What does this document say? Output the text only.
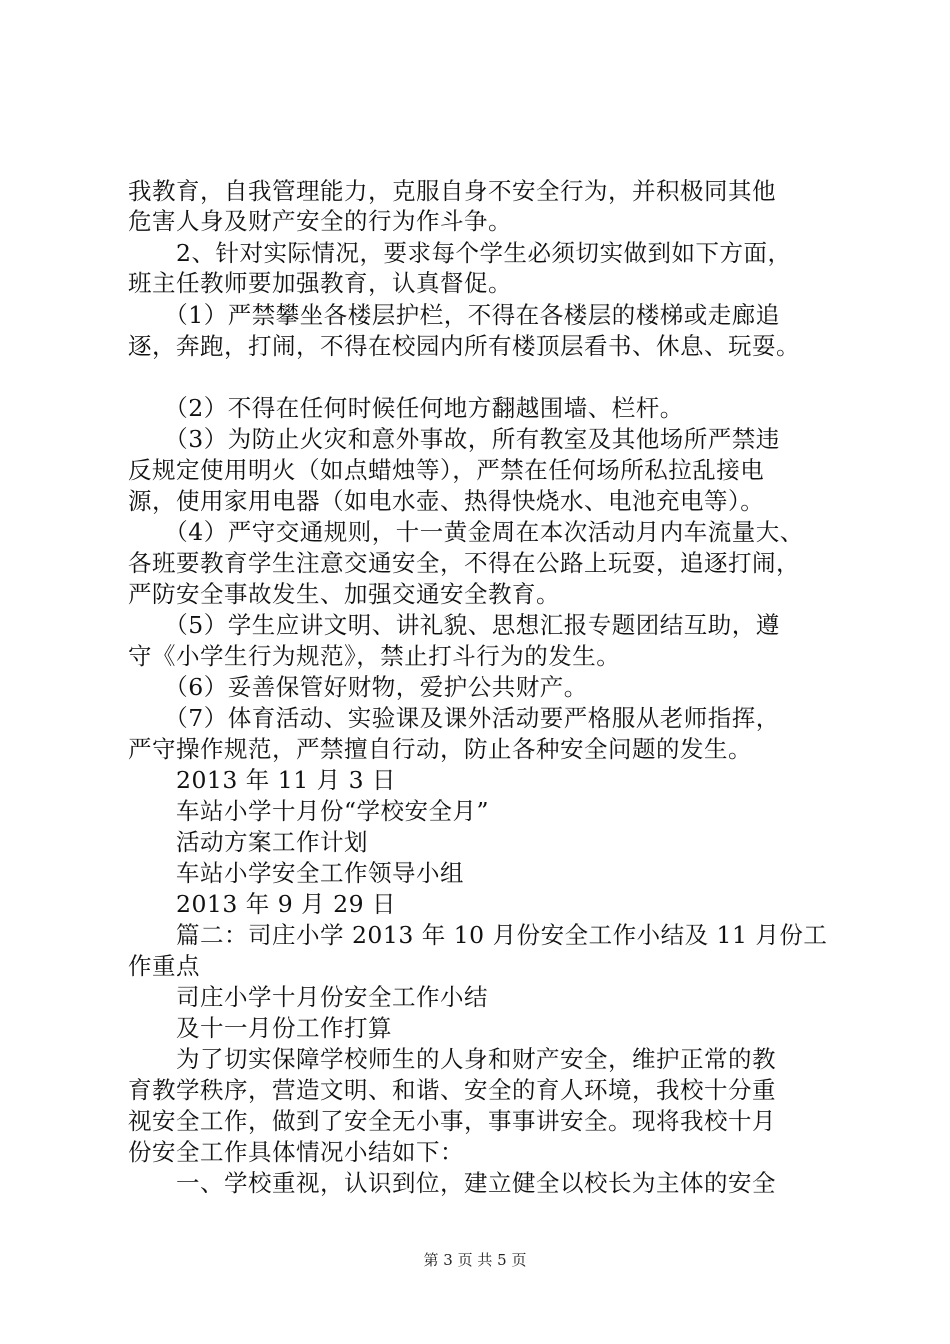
我教育，自我管理能力，克服自身不安全行为，并积极同其他
危害人身及财产安全的行为作斗争。
　　2、针对实际情况，要求每个学生必须切实做到如下方面，
班主任教师要加强教育，认真督促。
　　（1）严禁攀坐各楼层护栏，不得在各楼层的楼梯或走廊追
逐，奔跑，打闹，不得在校园内所有楼顶层看书、休息、玩耍。
　　（2）不得在任何时候任何地方翻越围墙、栏杆。
　　（3）为防止火灾和意外事故，所有教室及其他场所严禁违
反规定使用明火（如点蜡烛等），严禁在任何场所私拉乱接电
源，使用家用电器（如电水壶、热得快烧水、电池充电等）。
　　（4）严守交通规则，十一黄金周在本次活动月内车流量大、
各班要教育学生注意交通安全，不得在公路上玩耍，追逐打闹，
严防安全事故发生、加强交通安全教育。
　　（5）学生应讲文明、讲礼貌、思想汇报专题团结互助，遵
守《小学生行为规范》，禁止打斗行为的发生。
　　（6）妥善保管好财物，爱护公共财产。
　　（7）体育活动、实验课及课外活动要严格服从老师指挥，
严守操作规范，严禁擅自行动，防止各种安全问题的发生。
　　2013 年 11 月 3 日
　　车站小学十月份“学校安全月”
　　活动方案工作计划
　　车站小学安全工作领导小组
　　2013 年 9 月 29 日
　　篇二：司庄小学 2013 年 10 月份安全工作小结及 11 月份工
作重点
　　司庄小学十月份安全工作小结
　　及十一月份工作打算
　　为了切实保障学校师生的人身和财产安全，维护正常的教
育教学秩序，营造文明、和谐、安全的育人环境，我校十分重
视安全工作，做到了安全无小事，事事讲安全。现将我校十月
份安全工作具体情况小结如下：
　　一、学校重视，认识到位，建立健全以校长为主体的安全
第 3 页 共 5 页
